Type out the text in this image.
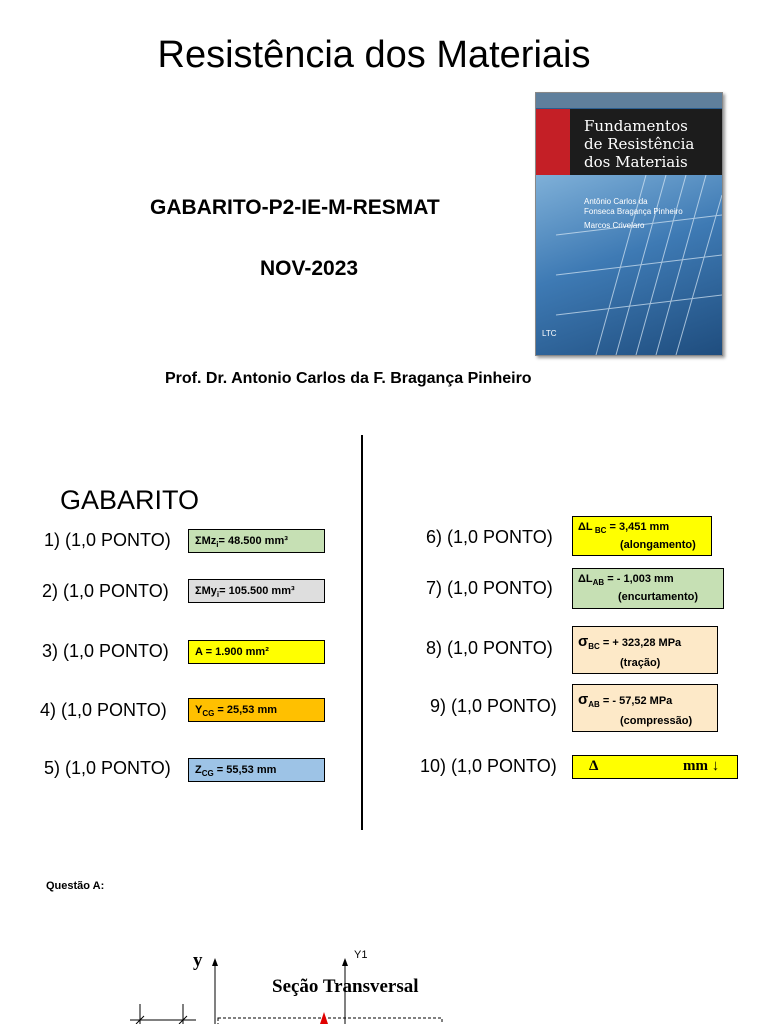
Resistência dos Materiais
GABARITO-P2-IE-M-RESMAT
NOV-2023
Fundamentos
de Resistência
dos Materiais
Antônio Carlos da
Fonseca Bragança Pinheiro
Marcos Crivelaro
LTC
Prof. Dr. Antonio Carlos da F. Bragança Pinheiro
GABARITO
1) (1,0 PONTO)	ΣMz$_i$= 48.500 mm³
2) (1,0 PONTO)	ΣMy$_i$= 105.500 mm³
3) (1,0 PONTO)	A = 1.900 mm²
4) (1,0 PONTO)	$Y_{CG} = 25,53$ mm
5) (1,0 PONTO)	$Z_{CG} = 55,53$ mm
6) (1,0 PONTO) ΔL $_{BC}$ = 3,451 mm
(alongamento)
7) (1,0 PONTO) $\Delta L_{AB}$ = - 1,003 mm
(encurtamento)
8) (1,0 PONTO) $\sigma_{BC}$ = + 323,28 MPa
(tração)
9) (1,0 PONTO) $\sigma_{AB}$ = - 57,52 MPa
(compressão)
10) (1,0 PONTO) Δ	mm ↓
Questão A:
y	Y1
Seção Transversal
